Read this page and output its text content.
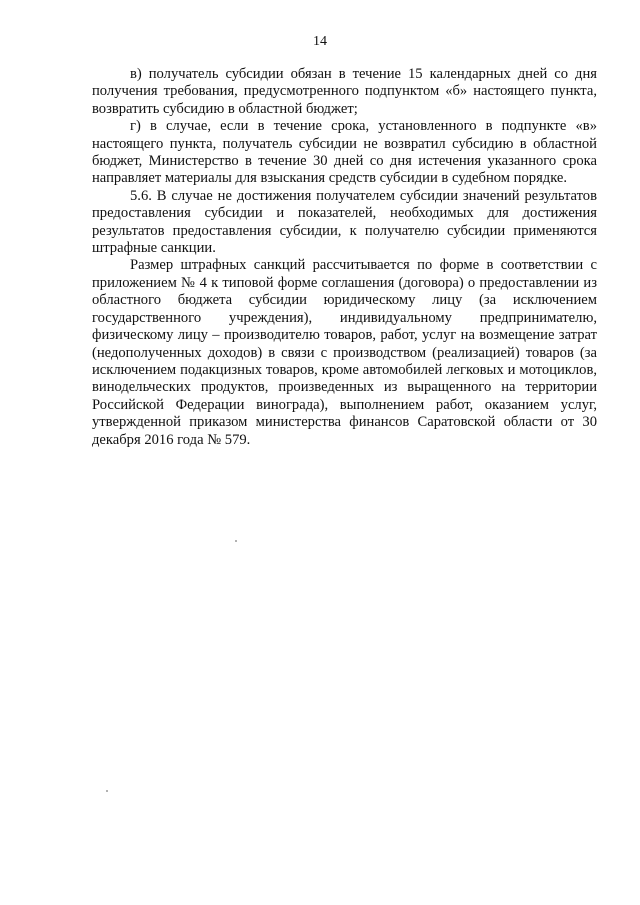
14

в) получатель субсидии обязан в течение 15 календарных дней со дня получения требования, предусмотренного подпунктом «б» настоящего пункта, возвратить субсидию в областной бюджет;

г) в случае, если в течение срока, установленного в подпункте «в» настоящего пункта, получатель субсидии не возвратил субсидию в областной бюджет, Министерство в течение 30 дней со дня истечения указанного срока направляет материалы для взыскания средств субсидии в судебном порядке.

5.6. В случае не достижения получателем субсидии значений результатов предоставления субсидии и показателей, необходимых для достижения результатов предоставления субсидии, к получателю субсидии применяются штрафные санкции.

Размер штрафных санкций рассчитывается по форме в соответствии с приложением № 4 к типовой форме соглашения (договора) о предоставлении из областного бюджета субсидии юридическому лицу (за исключением государственного учреждения), индивидуальному предпринимателю, физическому лицу – производителю товаров, работ, услуг на возмещение затрат (недополученных доходов) в связи с производством (реализацией) товаров (за исключением подакцизных товаров, кроме автомобилей легковых и мотоциклов, винодельческих продуктов, произведенных из выращенного на территории Российской Федерации винограда), выполнением работ, оказанием услуг, утвержденной приказом министерства финансов Саратовской области от 30 декабря 2016 года № 579.
